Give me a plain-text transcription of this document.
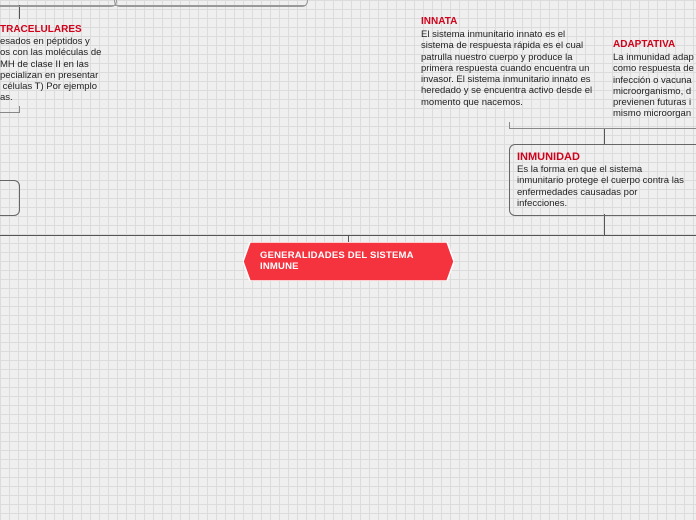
TRACELULARES
esados en péptidos y
os con las moléculas de
MH de clase II en las
pecializan en presentar
células T) Por ejemplo
as.
INNATA
El sistema inmunitario innato es el sistema de respuesta rápida es el cual patrulla nuestro cuerpo y produce la primera respuesta cuando encuentra un invasor. El sistema inmunitario innato es heredado y se encuentra activo desde el momento que nacemos.
ADAPTATIVA
La inmunidad adap
como respuesta de
infección o vacuna
microorganismo, d
previenen futuras i
mismo microorgan
INMUNIDAD
Es la forma en que el sistema inmunitario protege el cuerpo contra las enfermedades causadas por infecciones.
GENERALIDADES DEL SISTEMA INMUNE
